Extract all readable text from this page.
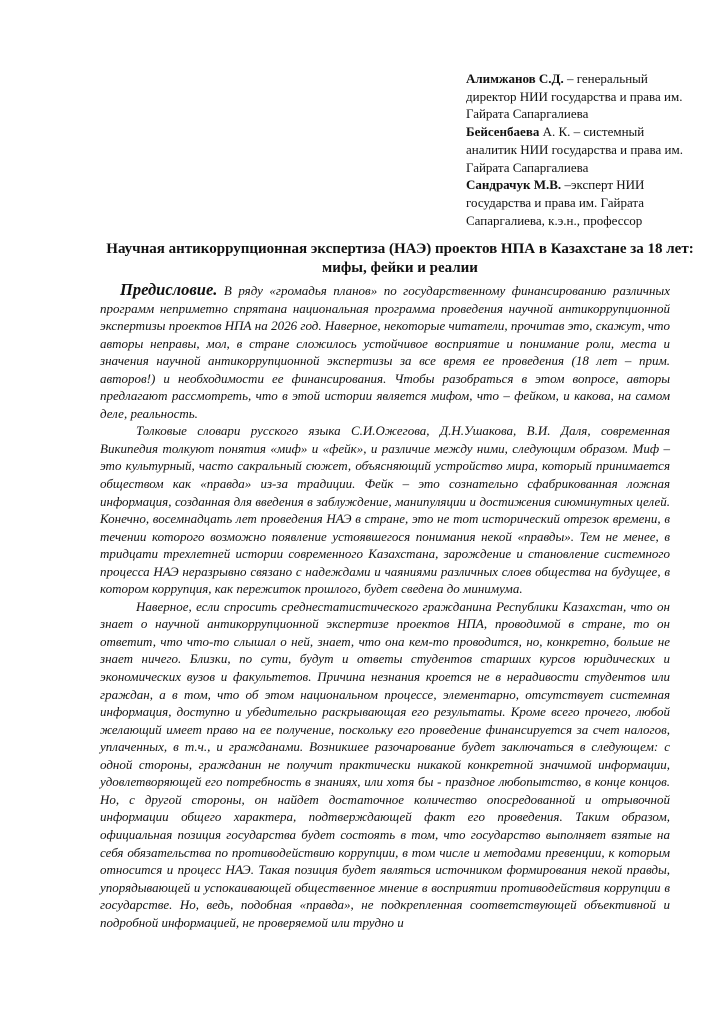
Алимжанов С.Д. – генеральный директор НИИ государства и права им. Гайрата Сапаргалиева

Бейсенбаева А. К. – системный аналитик НИИ государства и права им. Гайрата Сапаргалиева

Сандрачук М.В. –эксперт НИИ государства и права им. Гайрата Сапаргалиева, к.э.н., профессор

Научная антикоррупционная экспертиза (НАЭ) проектов НПА в Казахстане за 18 лет: мифы, фейки и реалии

Предисловие. В ряду «громадья планов» по государственному финансированию различных программ неприметно спрятана национальная программа проведения научной антикоррупционной экспертизы проектов НПА на 2026 год. Наверное, некоторые читатели, прочитав это, скажут, что авторы неправы, мол, в стране сложилось устойчивое восприятие и понимание роли, места и значения научной антикоррупционной экспертизы за все время ее проведения (18 лет – прим. авторов!) и необходимости ее финансирования. Чтобы разобраться в этом вопросе, авторы предлагают рассмотреть, что в этой истории является мифом, что – фейком, и какова, на самом деле, реальность.

Толковые словари русского языка С.И.Ожегова, Д.Н.Ушакова, В.И. Даля, современная Википедия толкуют понятия «миф» и «фейк», и различие между ними, следующим образом. Миф – это культурный, часто сакральный сюжет, объясняющий устройство мира, который принимается обществом как «правда» из-за традиции. Фейк – это сознательно сфабрикованная ложная информация, созданная для введения в заблуждение, манипуляции и достижения сиюминутных целей. Конечно, восемнадцать лет проведения НАЭ в стране, это не тот исторический отрезок времени, в течении которого возможно появление устоявшегося понимания некой «правды». Тем не менее, в тридцати трехлетней истории современного Казахстана, зарождение и становление системного процесса НАЭ неразрывно связано с надеждами и чаяниями различных слоев общества на будущее, в котором коррупция, как пережиток прошлого, будет сведена до минимума.

Наверное, если спросить среднестатистического гражданина Республики Казахстан, что он знает о научной антикоррупционной экспертизе проектов НПА, проводимой в стране, то он ответит, что что-то слышал о ней, знает, что она кем-то проводится, но, конкретно, больше не знает ничего. Близки, по сути, будут и ответы студентов старших курсов юридических и экономических вузов и факультетов. Причина незнания кроется не в нерадивости студентов или граждан, а в том, что об этом национальном процессе, элементарно, отсутствует системная информация, доступно и убедительно раскрывающая его результаты. Кроме всего прочего, любой желающий имеет право на ее получение, поскольку его проведение финансируется за счет налогов, уплаченных, в т.ч., и гражданами. Возникшее разочарование будет заключаться в следующем: с одной стороны, гражданин не получит практически никакой конкретной значимой информации, удовлетворяющей его потребность в знаниях, или хотя бы - праздное любопытство, в конце концов. Но, с другой стороны, он найдет достаточное количество опосредованной и отрывочной информации общего характера, подтверждающей факт его проведения. Таким образом, официальная позиция государства будет состоять в том, что государство выполняет взятые на себя обязательства по противодействию коррупции, в том числе и методами превенции, к которым относится и процесс НАЭ. Такая позиция будет являться источником формирования некой правды, упорядывающей и успокаивающей общественное мнение в восприятии противодействия коррупции в государстве. Но, ведь, подобная «правда», не подкрепленная соответствующей объективной и подробной информацией, не проверяемой или трудно и
